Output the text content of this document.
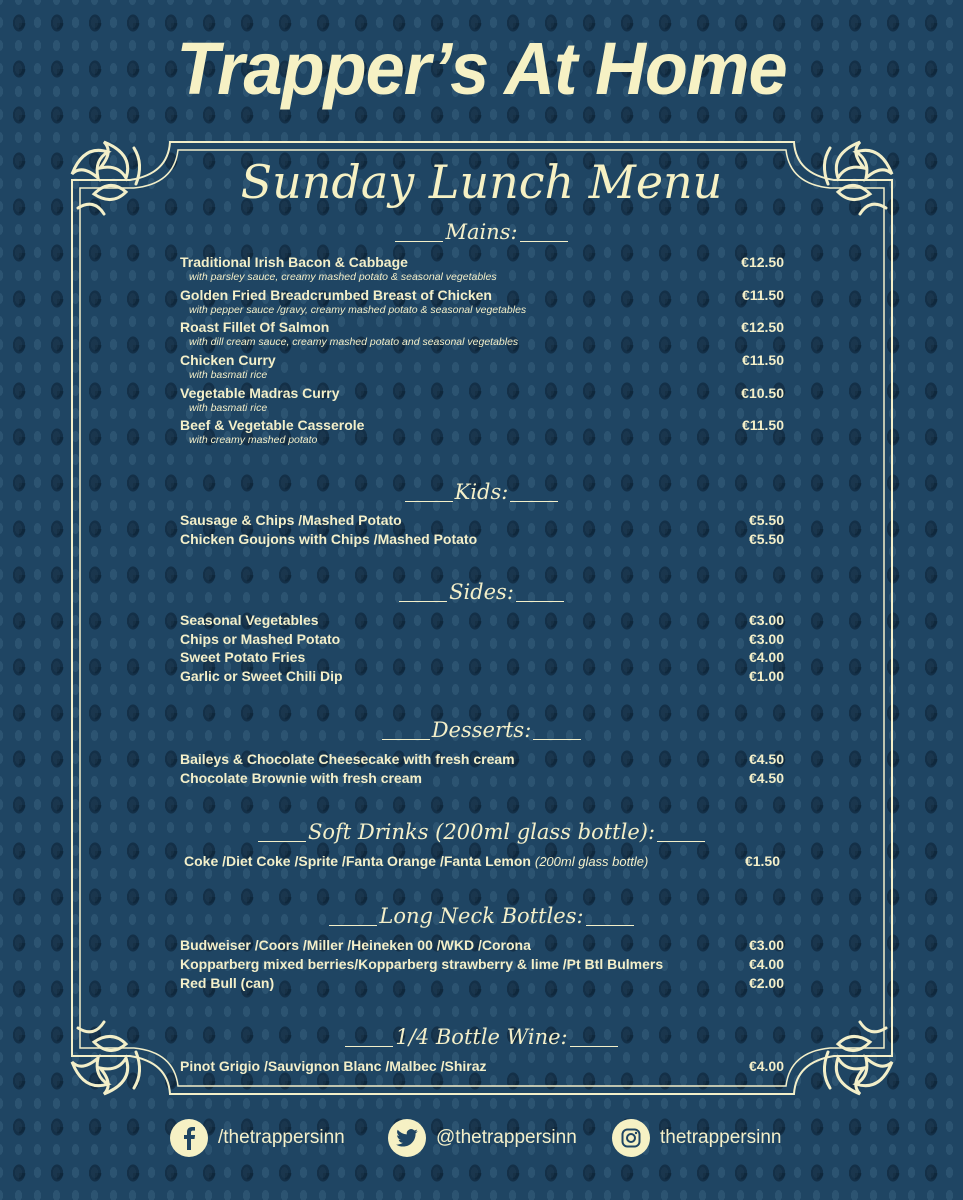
Trapper’s At Home
Sunday Lunch Menu
Mains:
Traditional Irish Bacon & Cabbage	€12.50
with parsley sauce, creamy mashed potato & seasonal vegetables
Golden Fried Breadcrumbed Breast of Chicken	€11.50
with pepper sauce /gravy, creamy mashed potato & seasonal vegetables
Roast Fillet Of Salmon	€12.50
with dill cream sauce, creamy mashed potato and seasonal vegetables
Chicken Curry	€11.50
with basmati rice
Vegetable Madras Curry	€10.50
with basmati rice
Beef & Vegetable Casserole	€11.50
with creamy mashed potato
Kids:
Sausage & Chips /Mashed Potato	€5.50
Chicken Goujons with Chips /Mashed Potato	€5.50
Sides:
Seasonal Vegetables	€3.00
Chips or Mashed Potato	€3.00
Sweet Potato Fries	€4.00
Garlic or Sweet Chili Dip	€1.00
Desserts:
Baileys & Chocolate Cheesecake with fresh cream	€4.50
Chocolate Brownie with fresh cream	€4.50
Soft Drinks (200ml glass bottle):
Coke /Diet Coke /Sprite /Fanta Orange /Fanta Lemon (200ml glass bottle)	€1.50
Long Neck Bottles:
Budweiser /Coors /Miller /Heineken 00 /WKD /Corona	€3.00
Kopparberg mixed berries/Kopparberg strawberry & lime /Pt Btl Bulmers	€4.00
Red Bull (can)	€2.00
1/4 Bottle Wine:
Pinot Grigio /Sauvignon Blanc /Malbec /Shiraz	€4.00
/thetrappersinn	@thetrappersinn	thetrappersinn
